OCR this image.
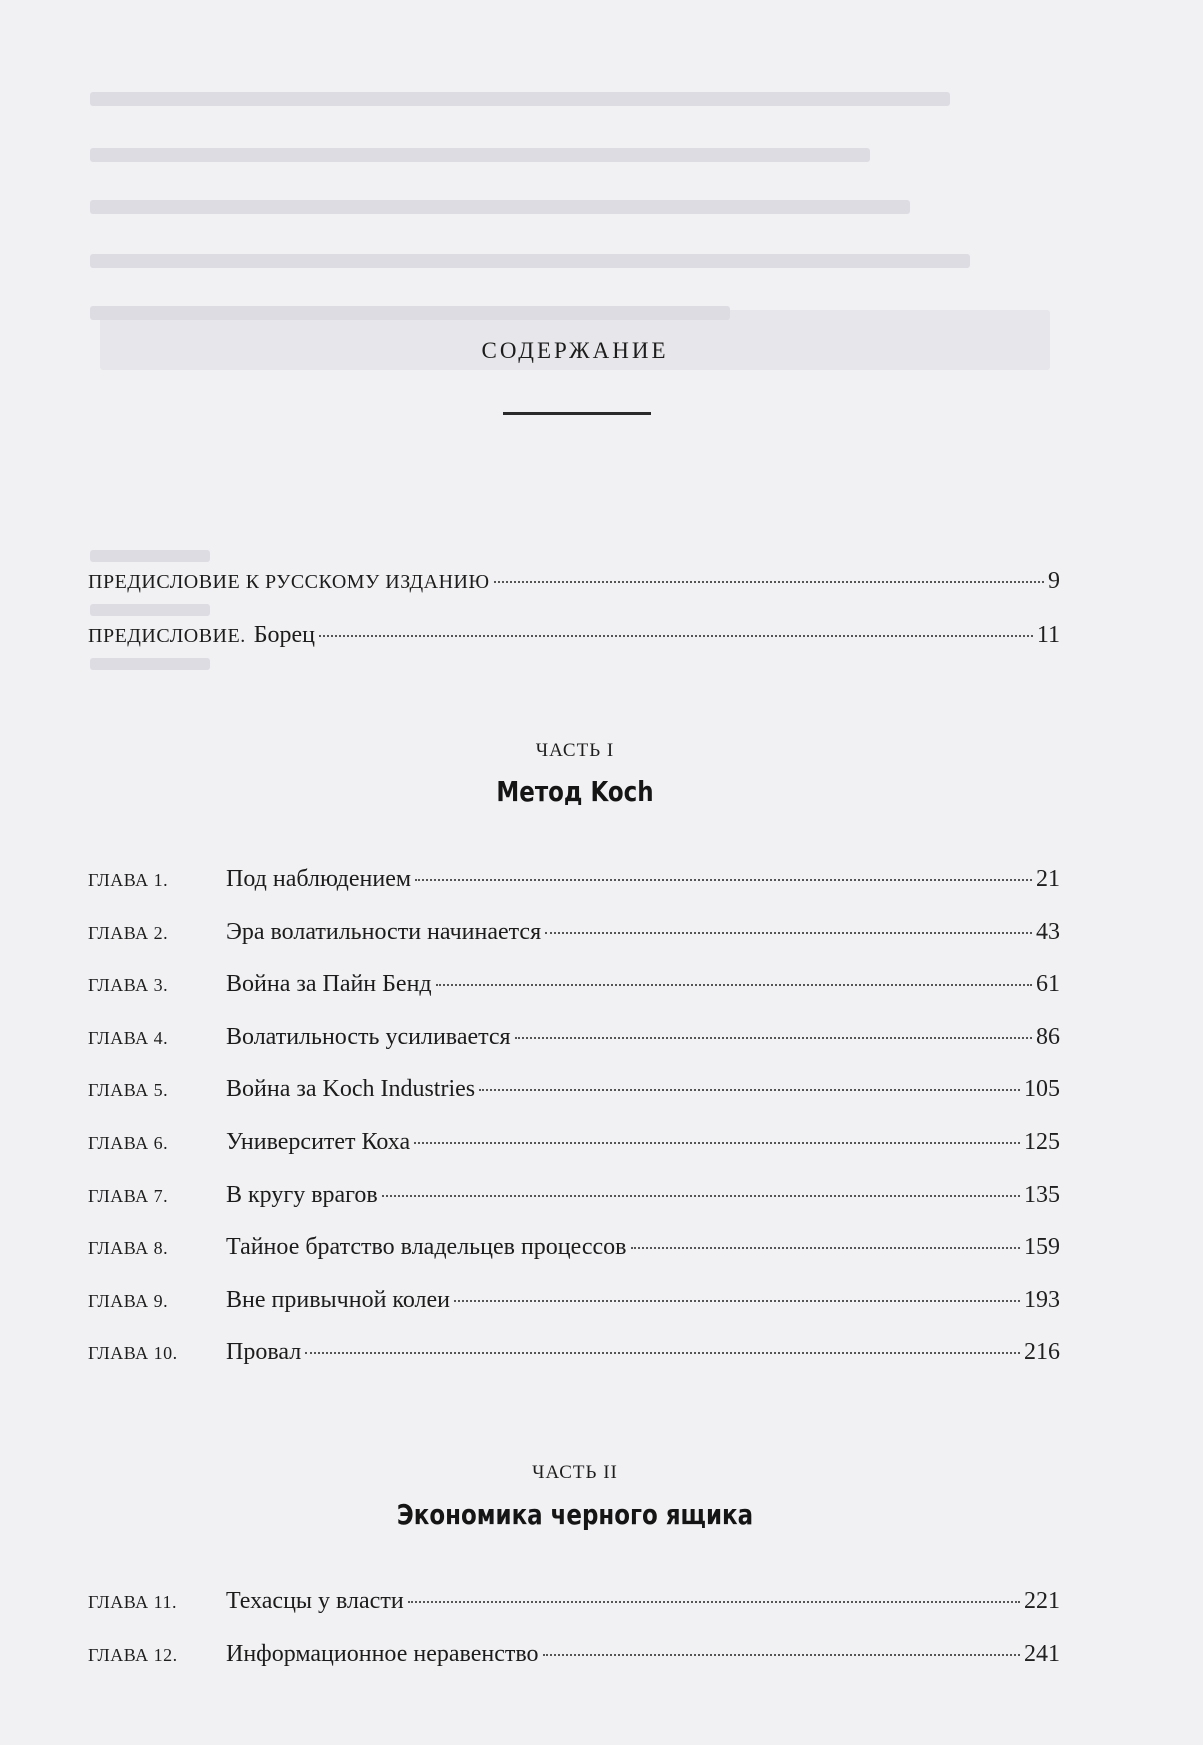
СОДЕРЖАНИЕ
ПРЕДИСЛОВИЕ К РУССКОМУ ИЗДАНИЮ	9
ПРЕДИСЛОВИЕ. Борец	11
ЧАСТЬ I
Метод Koch
ГЛАВА 1.	Под наблюдением	21
ГЛАВА 2.	Эра волатильности начинается	43
ГЛАВА 3.	Война за Пайн Бенд	61
ГЛАВА 4.	Волатильность усиливается	86
ГЛАВА 5.	Война за Koch Industries	105
ГЛАВА 6.	Университет Коха	125
ГЛАВА 7.	В кругу врагов	135
ГЛАВА 8.	Тайное братство владельцев процессов	159
ГЛАВА 9.	Вне привычной колеи	193
ГЛАВА 10.	Провал	216
ЧАСТЬ II
Экономика черного ящика
ГЛАВА 11.	Техасцы у власти	221
ГЛАВА 12.	Информационное неравенство	241
